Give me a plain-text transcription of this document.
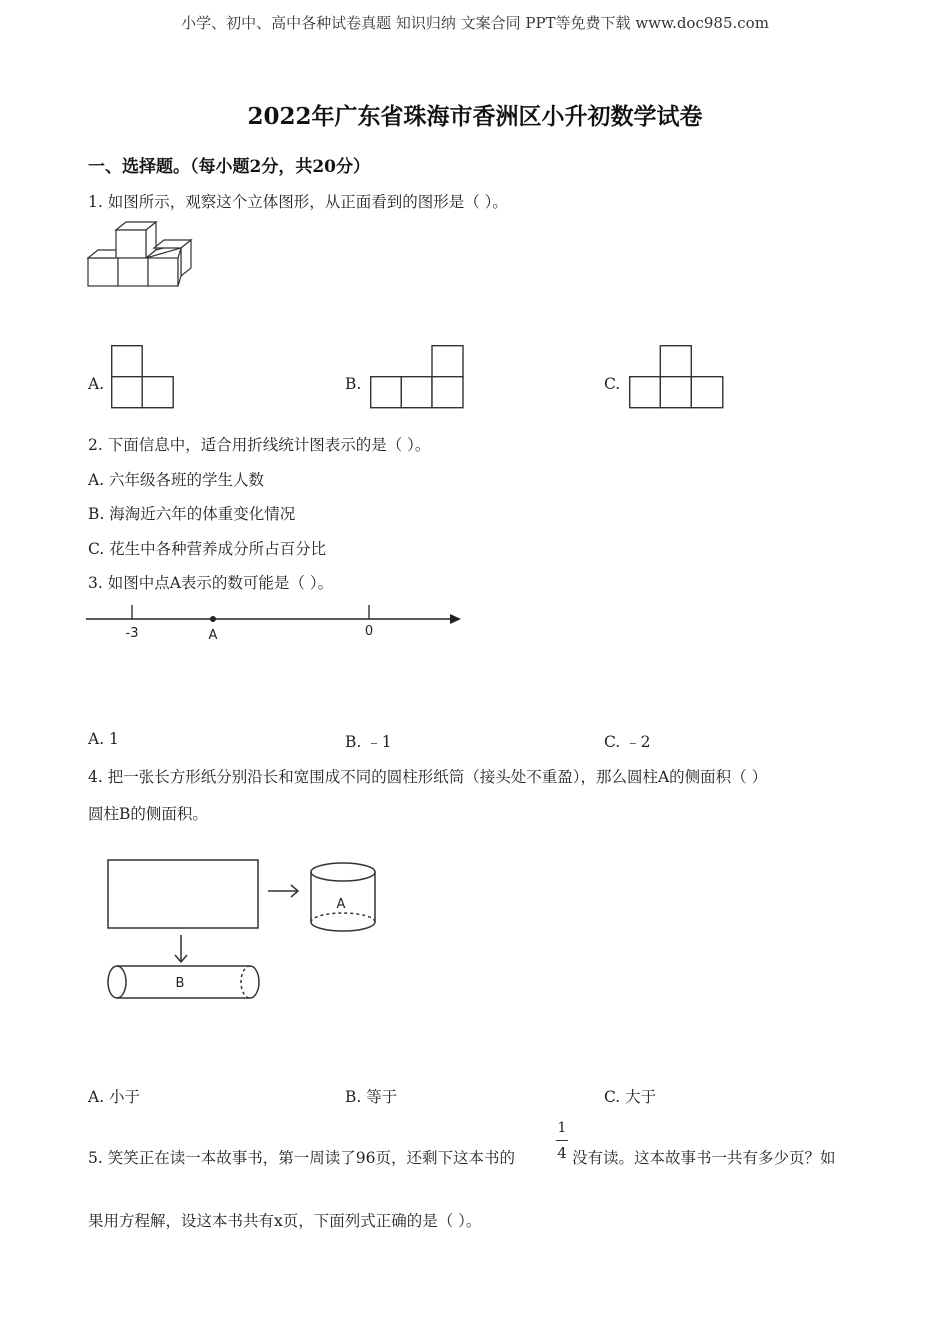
小学、初中、高中各种试卷真题 知识归纳 文案合同 PPT等免费下载 www.doc985.com
2022年广东省珠海市香洲区小升初数学试卷
一、选择题。（每小题2分，共20分）
1. 如图所示，观察这个立体图形，从正面看到的图形是（ ）。
A.	B.	C.
2. 下面信息中，适合用折线统计图表示的是（ ）。
A. 六年级各班的学生人数
B. 海淘近六年的体重变化情况
C. 花生中各种营养成分所占百分比
3. 如图中点A表示的数可能是（ ）。
-3	A	0
A. 1	B. ﹣1	C. ﹣2
4. 把一张长方形纸分别沿长和宽围成不同的圆柱形纸筒（接头处不重盈），那么圆柱A的侧面积（ ）
圆柱B的侧面积。
A
B
A. 小于	B. 等于	C. 大于
5. 笑笑正在读一本故事书，第一周读了96页，还剩下这本书的
1
4 没有读。这本故事书一共有多少页？如
果用方程解，设这本书共有x页，下面列式正确的是（ ）。
